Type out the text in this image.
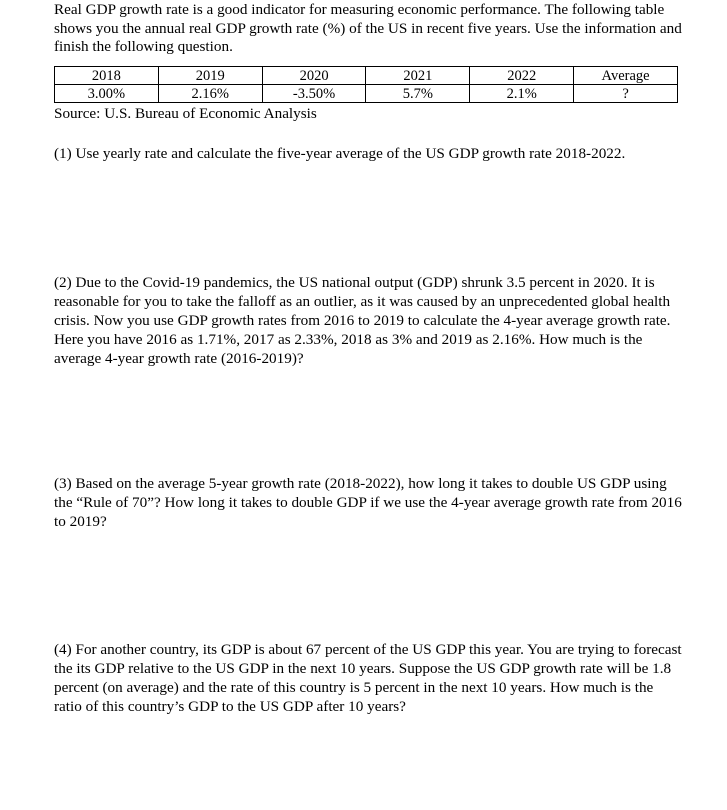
Real GDP growth rate is a good indicator for measuring economic performance. The following table shows you the annual real GDP growth rate (%) of the US in recent five years. Use the information and finish the following question.

2018	2019	2020	2021	2022	Average
3.00%	2.16%	-3.50%	5.7%	2.1%	?

Source: U.S. Bureau of Economic Analysis

(1) Use yearly rate and calculate the five-year average of the US GDP growth rate 2018-2022.

(2) Due to the Covid-19 pandemics, the US national output (GDP) shrunk 3.5 percent in 2020. It is reasonable for you to take the falloff as an outlier, as it was caused by an unprecedented global health crisis. Now you use GDP growth rates from 2016 to 2019 to calculate the 4-year average growth rate. Here you have 2016 as 1.71%, 2017 as 2.33%, 2018 as 3% and 2019 as 2.16%. How much is the average 4-year growth rate (2016-2019)?

(3) Based on the average 5-year growth rate (2018-2022), how long it takes to double US GDP using the “Rule of 70”? How long it takes to double GDP if we use the 4-year average growth rate from 2016 to 2019?

(4) For another country, its GDP is about 67 percent of the US GDP this year. You are trying to forecast the its GDP relative to the US GDP in the next 10 years. Suppose the US GDP growth rate will be 1.8 percent (on average) and the rate of this country is 5 percent in the next 10 years. How much is the ratio of this country’s GDP to the US GDP after 10 years?
